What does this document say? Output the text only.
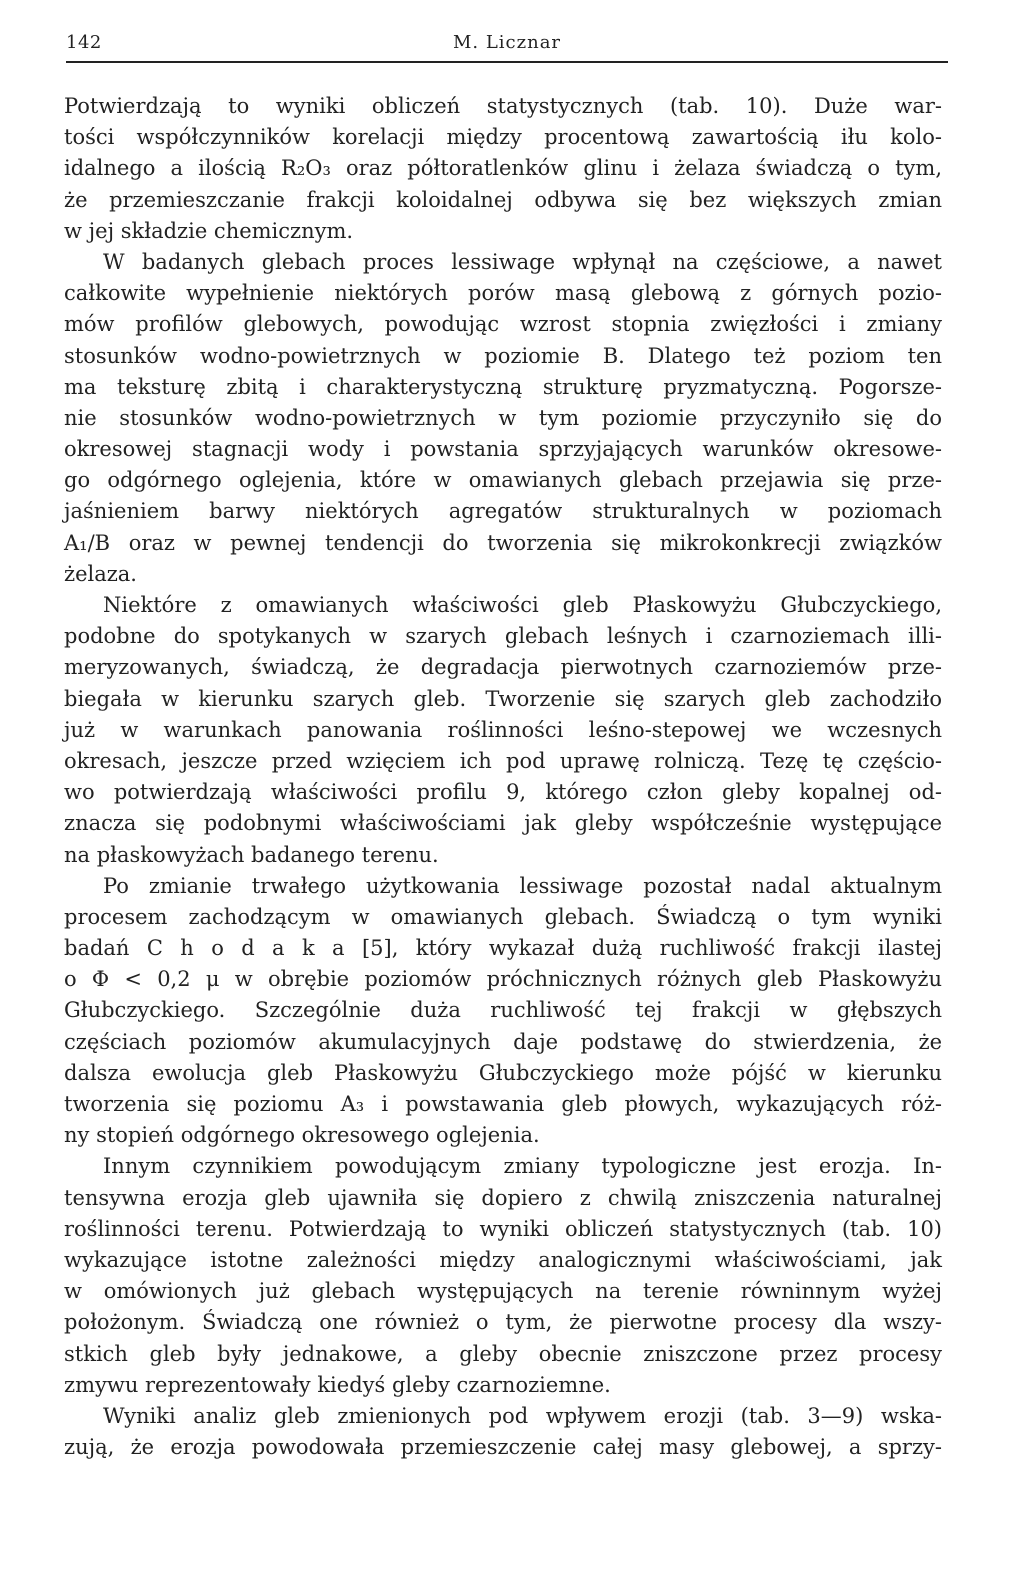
142	M. Licznar
Potwierdzają to wyniki obliczeń statystycznych (tab. 10). Duże war-
tości współczynników korelacji między procentową zawartością iłu kolo-
idalnego a ilością R₂O₃ oraz półtoratlenków glinu i żelaza świadczą o tym,
że przemieszczanie frakcji koloidalnej odbywa się bez większych zmian
w jej składzie chemicznym.
W badanych glebach proces lessiwage wpłynął na częściowe, a nawet
całkowite wypełnienie niektórych porów masą glebową z górnych pozio-
mów profilów glebowych, powodując wzrost stopnia zwięzłości i zmiany
stosunków wodno-powietrznych w poziomie B. Dlatego też poziom ten
ma teksturę zbitą i charakterystyczną strukturę pryzmatyczną. Pogorsze-
nie stosunków wodno-powietrznych w tym poziomie przyczyniło się do
okresowej stagnacji wody i powstania sprzyjających warunków okresowe-
go odgórnego oglejenia, które w omawianych glebach przejawia się prze-
jaśnieniem barwy niektórych agregatów strukturalnych w poziomach
A₁/B oraz w pewnej tendencji do tworzenia się mikrokonkrecji związków
żelaza.
Niektóre z omawianych właściwości gleb Płaskowyżu Głubczyckiego,
podobne do spotykanych w szarych glebach leśnych i czarnoziemach illi-
meryzowanych, świadczą, że degradacja pierwotnych czarnoziemów prze-
biegała w kierunku szarych gleb. Tworzenie się szarych gleb zachodziło
już w warunkach panowania roślinności leśno-stepowej we wczesnych
okresach, jeszcze przed wzięciem ich pod uprawę rolniczą. Tezę tę częścio-
wo potwierdzają właściwości profilu 9, którego człon gleby kopalnej od-
znacza się podobnymi właściwościami jak gleby współcześnie występujące
na płaskowyżach badanego terenu.
Po zmianie trwałego użytkowania lessiwage pozostał nadal aktualnym
procesem zachodzącym w omawianych glebach. Świadczą o tym wyniki
badań C h o d a k a [5], który wykazał dużą ruchliwość frakcji ilastej
o Φ < 0,2 μ w obrębie poziomów próchnicznych różnych gleb Płaskowyżu
Głubczyckiego. Szczególnie duża ruchliwość tej frakcji w głębszych
częściach poziomów akumulacyjnych daje podstawę do stwierdzenia, że
dalsza ewolucja gleb Płaskowyżu Głubczyckiego może pójść w kierunku
tworzenia się poziomu A₃ i powstawania gleb płowych, wykazujących róż-
ny stopień odgórnego okresowego oglejenia.
Innym czynnikiem powodującym zmiany typologiczne jest erozja. In-
tensywna erozja gleb ujawniła się dopiero z chwilą zniszczenia naturalnej
roślinności terenu. Potwierdzają to wyniki obliczeń statystycznych (tab. 10)
wykazujące istotne zależności między analogicznymi właściwościami, jak
w omówionych już glebach występujących na terenie równinnym wyżej
położonym. Świadczą one również o tym, że pierwotne procesy dla wszy-
stkich gleb były jednakowe, a gleby obecnie zniszczone przez procesy
zmywu reprezentowały kiedyś gleby czarnoziemne.
Wyniki analiz gleb zmienionych pod wpływem erozji (tab. 3—9) wska-
zują, że erozja powodowała przemieszczenie całej masy glebowej, a sprzy-
